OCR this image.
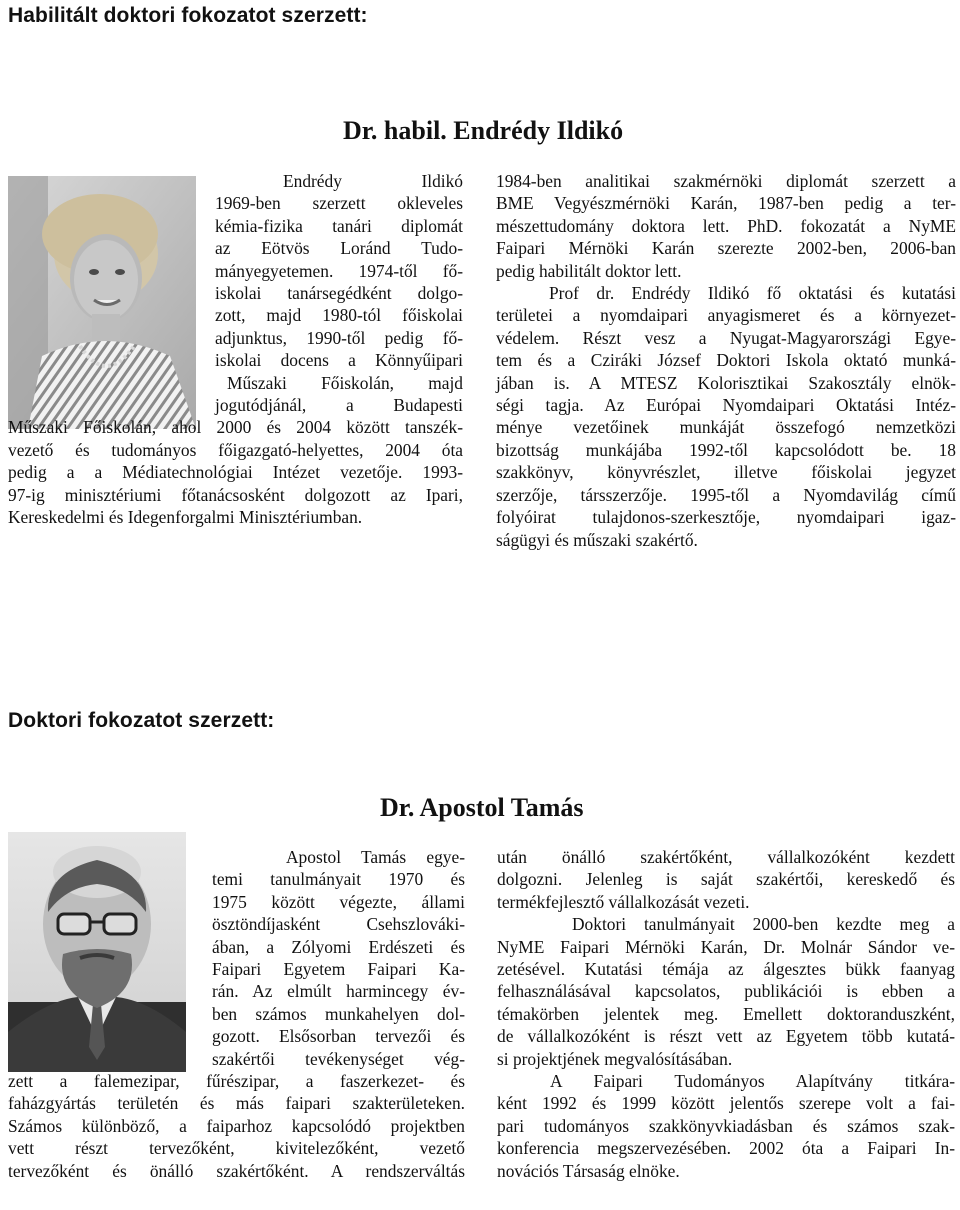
Habilitált doktori fokozatot szerzett:
Dr. habil. Endrédy Ildikó
Endrédy Ildikó
1969-ben szerzett okleveles
kémia-fizika tanári diplomát
az Eötvös Loránd Tudo-
mányegyetemen. 1974-től fő-
iskolai tanársegédként dolgo-
zott, majd 1980-tól főiskolai
adjunktus, 1990-től pedig fő-
iskolai docens a Könnyűipari
Műszaki Főiskolán, majd
jogutódjánál, a Budapesti
Műszaki Főiskolán, ahol 2000 és 2004 között tanszék-
vezető és tudományos főigazgató-helyettes, 2004 óta
pedig a a Médiatechnológiai Intézet vezetője. 1993-
97-ig minisztériumi főtanácsosként dolgozott az Ipari,
Kereskedelmi és Idegenforgalmi Minisztériumban.
1984-ben analitikai szakmérnöki diplomát szerzett a
BME Vegyészmérnöki Karán, 1987-ben pedig a ter-
mészettudomány doktora lett. PhD. fokozatát a NyME
Faipari Mérnöki Karán szerezte 2002-ben, 2006-ban
pedig habilitált doktor lett.
Prof dr. Endrédy Ildikó fő oktatási és kutatási
területei a nyomdaipari anyagismeret és a környezet-
védelem. Részt vesz a Nyugat-Magyarországi Egye-
tem és a Cziráki József Doktori Iskola oktató munká-
jában is. A MTESZ Kolorisztikai Szakosztály elnök-
ségi tagja. Az Európai Nyomdaipari Oktatási Intéz-
ménye vezetőinek munkáját összefogó nemzetközi
bizottság munkájába 1992-től kapcsolódott be. 18
szakkönyv, könyvrészlet, illetve főiskolai jegyzet
szerzője, társszerzője. 1995-től a Nyomdavilág című
folyóirat tulajdonos-szerkesztője, nyomdaipari igaz-
ságügyi és műszaki szakértő.
Doktori fokozatot szerzett:
Dr. Apostol Tamás
Apostol Tamás egye-
temi tanulmányait 1970 és
1975 között végezte, állami
ösztöndíjasként Csehszlováki-
ában, a Zólyomi Erdészeti és
Faipari Egyetem Faipari Ka-
rán. Az elmúlt harmincegy év-
ben számos munkahelyen dol-
gozott. Elsősorban tervezői és
szakértői tevékenységet vég-
zett a falemezipar, fűrészipar, a faszerkezet- és
faházgyártás területén és más faipari szakterületeken.
Számos különböző, a faiparhoz kapcsolódó projektben
vett részt tervezőként, kivitelezőként, vezető
tervezőként és önálló szakértőként. A rendszerváltás
után önálló szakértőként, vállalkozóként kezdett
dolgozni. Jelenleg is saját szakértői, kereskedő és
termékfejlesztő vállalkozását vezeti.
Doktori tanulmányait 2000-ben kezdte meg a
NyME Faipari Mérnöki Karán, Dr. Molnár Sándor ve-
zetésével. Kutatási témája az álgesztes bükk faanyag
felhasználásával kapcsolatos, publikációi is ebben a
témakörben jelentek meg. Emellett doktoranduszként,
de vállalkozóként is részt vett az Egyetem több kutatá-
si projektjének megvalósításában.
A Faipari Tudományos Alapítvány titkára-
ként 1992 és 1999 között jelentős szerepe volt a fai-
pari tudományos szakkönyvkiadásban és számos szak-
konferencia megszervezésében. 2002 óta a Faipari In-
novációs Társaság elnöke.
